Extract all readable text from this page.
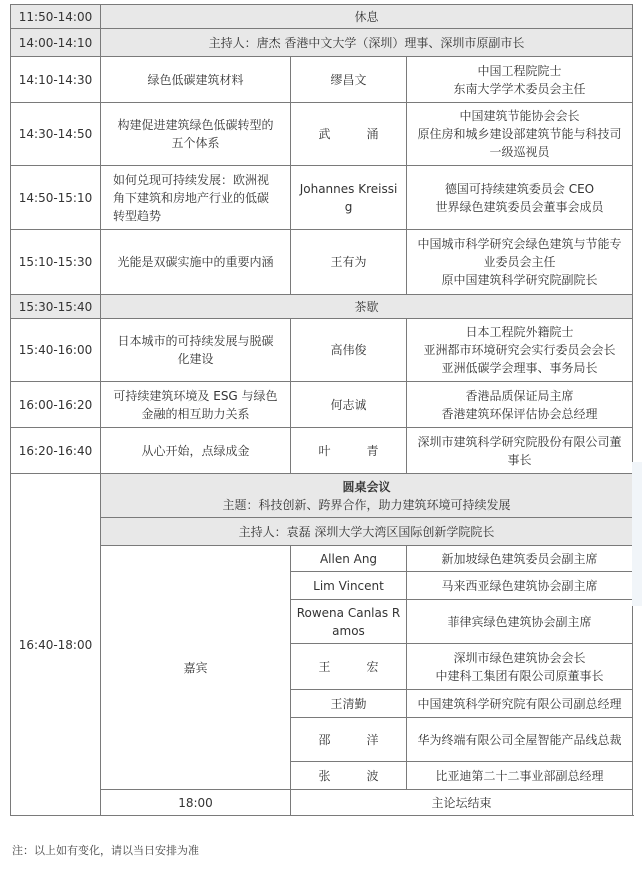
11:50-14:00	休息		
14:00-14:10	主持人：唐杰 香港中文大学（深圳）理事、深圳市原副市长		
14:10-14:30	绿色低碳建筑材料	缪昌文	中国工程院院士
东南大学学术委员会主任
14:30-14:50	构建促进建筑绿色低碳转型的五个体系	武　涌	中国建筑节能协会会长
原住房和城乡建设部建筑节能与科技司一级巡视员
14:50-15:10	如何兑现可持续发展：欧洲视角下建筑和房地产行业的低碳转型趋势	Johannes Kreissig	德国可持续建筑委员会 CEO
世界绿色建筑委员会董事会成员
15:10-15:30	光能是双碳实施中的重要内涵	王有为	中国城市科学研究会绿色建筑与节能专业委员会主任
原中国建筑科学研究院副院长
15:30-15:40	茶歇		
15:40-16:00	日本城市的可持续发展与脱碳化建设	高伟俊	日本工程院外籍院士
亚洲都市环境研究会实行委员会会长
亚洲低碳学会理事、事务局长
16:00-16:20	可持续建筑环境及 ESG 与绿色金融的相互助力关系	何志诚	香港品质保证局主席
香港建筑环保评估协会总经理
16:20-16:40	从心开始，点绿成金	叶　青	深圳市建筑科学研究院股份有限公司董事长
16:40-18:00	圆桌会议
主题：科技创新、跨界合作，助力建筑环境可持续发展		

	主持人：袁磊 深圳大学大湾区国际创新学院院长		
	嘉宾	Allen Ang	新加坡绿色建筑委员会副主席
		Lim Vincent	马来西亚绿色建筑协会副主席
		Rowena Canlas Ramos	菲律宾绿色建筑协会副主席
		王　宏	深圳市绿色建筑协会会长
中建科工集团有限公司原董事长
		王清勤	中国建筑科学研究院有限公司副总经理
		邵　洋	华为终端有限公司全屋智能产品线总裁
		张　波	比亚迪第二十二事业部副总经理
	18:00	主论坛结束	
注：以上如有变化，请以当日安排为准
